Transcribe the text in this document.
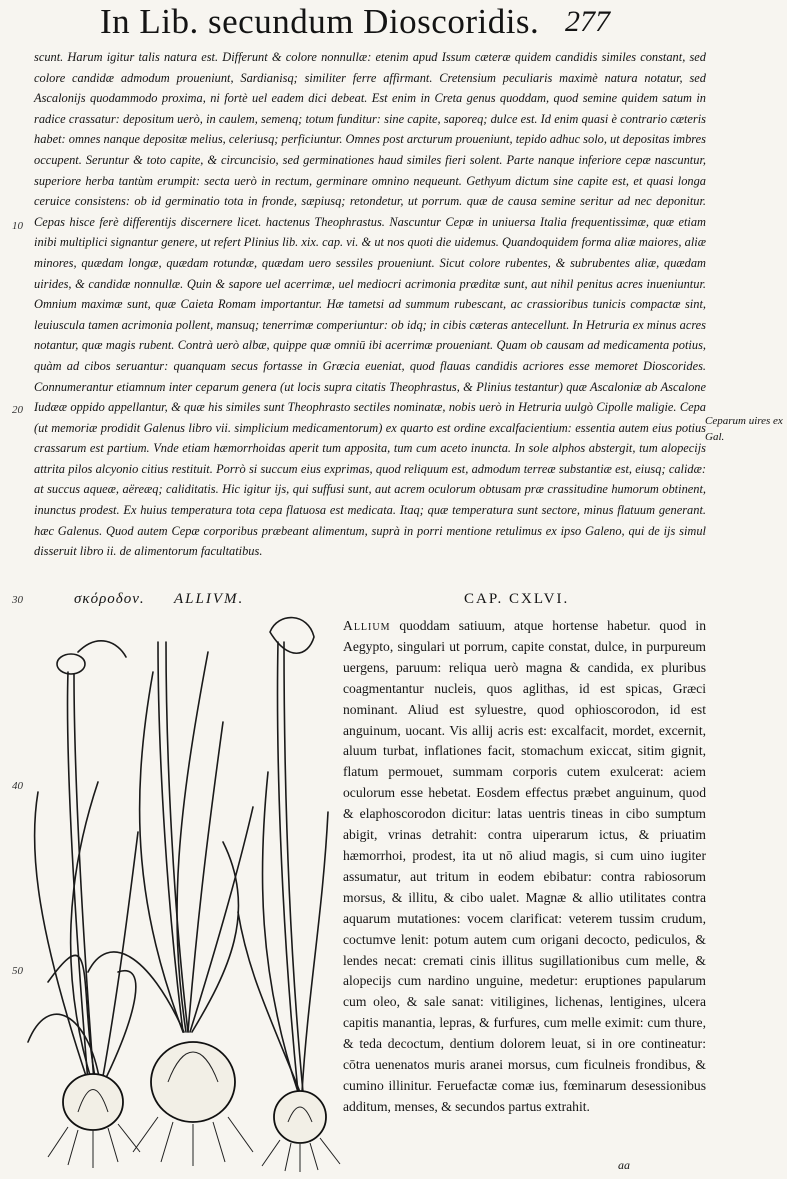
In Lib. secundum Dioscoridis. 277
10
20
30
40
50

scunt. Harum igitur talis natura est. Differunt & colore nonnullæ: etenim apud Issum cæteræ quidem candidis similes constant, sed colore candidæ admodum proueniunt, Sardianisq; similiter ferre affirmant. Cretensium peculiaris maximè natura notatur, sed Ascalonijs quodammodo proxima, ni fortè uel eadem dici debeat. Est enim in Creta genus quoddam, quod semine quidem satum in radice crassatur: depositum uerò, in caulem, semenq; totum funditur: sine capite, saporeq; dulce est. Id enim quasi è contrario cæteris habet: omnes nanque depositæ melius, celeriusq; perficiuntur. Omnes post arcturum proueniunt, tepido adhuc solo, ut depositas imbres occupent. Seruntur & toto capite, & circuncisio, sed germinationes haud similes fieri solent. Parte nanque inferiore cepæ nascuntur, superiore herba tantùm erumpit: secta uerò in rectum, germinare omnino nequeunt. Gethyum dictum sine capite est, et quasi longa ceruice consistens: ob id germinatio tota in fronde, sæpiusq; retondetur, ut porrum. quæ de causa semine seritur ad nec deponitur. Cepas hisce ferè differentijs discernere licet. hactenus Theophrastus. Nascuntur Cepæ in uniuersa Italia frequentissimæ, quæ etiam inibi multiplici signantur genere, ut refert Plinius lib. xix. cap. vi. & ut nos quoti die uidemus. Quandoquidem forma aliæ maiores, aliæ minores, quædam longæ, quædam rotundæ, quædam uero sessiles proueniunt. Sicut colore rubentes, & subrubentes aliæ, quædam uirides, & candidæ nonnullæ. Quin & sapore uel acerrimæ, uel mediocri acrimonia præditæ sunt, aut nihil penitus acres inueniuntur. Omnium maximæ sunt, quæ Caieta Romam importantur. Hæ tametsi ad summum rubescant, ac crassioribus tunicis compactæ sint, leuiuscula tamen acrimonia pollent, mansuq; tenerrimæ comperiuntur: ob idq; in cibis cæteras antecellunt. In Hetruria ex minus acres notantur, quæ magis rubent. Contrà uerò albæ, quippe quæ omniū ibi acerrimæ proueniant. Quam ob causam ad medicamenta potius, quàm ad cibos seruantur: quanquam secus fortasse in Græcia eueniat, quod flauas candidis acriores esse memoret Dioscorides. Connumerantur etiamnum inter ceparum genera (ut locis supra citatis Theophrastus, & Plinius testantur) quæ Ascaloniæ ab Ascalone Iudææ oppido appellantur, & quæ his similes sunt Theophrasto sectiles nominatæ, nobis uerò in Hetruria uulgò Cipolle maligie. Cepa (ut memoriæ prodidit Galenus libro vii. simplicium medicamentorum) ex quarto est ordine excalfacientium: essentia autem eius potius crassarum est partium. Vnde etiam hæmorrhoidas aperit tum apposita, tum cum aceto inuncta. In sole alphos abstergit, tum alopecijs attrita pilos alcyonio citius restituit. Porrò si succum eius exprimas, quod reliquum est, admodum terreæ substantiæ est, eiusq; calidæ: at succus aqueæ, aëreæq; caliditatis. Hic igitur ijs, qui suffusi sunt, aut acrem oculorum obtusam præ crassitudine humorum obtinent, inunctus prodest. Ex huius temperatura tota cepa flatuosa est medicata. Itaq; quæ temperatura sunt sectore, minus flatuum generant. hæc Galenus. Quod autem Cepæ corporibus præbeant alimentum, suprà in porri mentione retulimus ex ipso Galeno, qui de ijs simul disseruit libro ii. de alimentorum facultatibus.

Ceparum uires ex Gal.
σκόροδον. ALLIVM.	CAP. CXLVI.

Allium quoddam satiuum, atque hortense habetur. quod in Aegypto, singulari ut porrum, capite constat, dulce, in purpureum uergens, paruum: reliqua uerò magna & candida, ex pluribus coagmentantur nucleis, quos aglithas, id est spicas, Græci nominant. Aliud est syluestre, quod ophioscorodon, id est anguinum, uocant. Vis allij acris est: excalfacit, mordet, excernit, aluum turbat, inflationes facit, stomachum exiccat, sitim gignit, flatum permouet, summam corporis cutem exulcerat: aciem oculorum esse hebetat. Eosdem effectus præbet anguinum, quod & elaphoscorodon dicitur: latas uentris tineas in cibo sumptum abigit, vrinas detrahit: contra uiperarum ictus, & priuatim hæmorrhoi, prodest, ita ut nō aliud magis, si cum uino iugiter assumatur, aut tritum in eodem ebibatur: contra rabiosorum morsus, & illitu, & cibo ualet. Magnæ & allio utilitates contra aquarum mutationes: vocem clarificat: veterem tussim crudum, coctumve lenit: potum autem cum origani decocto, pediculos, & lendes necat: cremati cinis illitus sugillationibus cum melle, & alopecijs cum nardino unguine, medetur: eruptiones papularum cum oleo, & sale sanat: vitiligines, lichenas, lentigines, ulcera capitis manantia, lepras, & furfures, cum melle eximit: cum thure, & teda decoctum, dentium dolorem leuat, si in ore contineatur: cōtra uenenatos muris aranei morsus, cum ficulneis frondibus, & cumino illinitur. Feruefactæ comæ ius, fœminarum desessionibus additum, menses, & secundos partus extrahit.

aa
